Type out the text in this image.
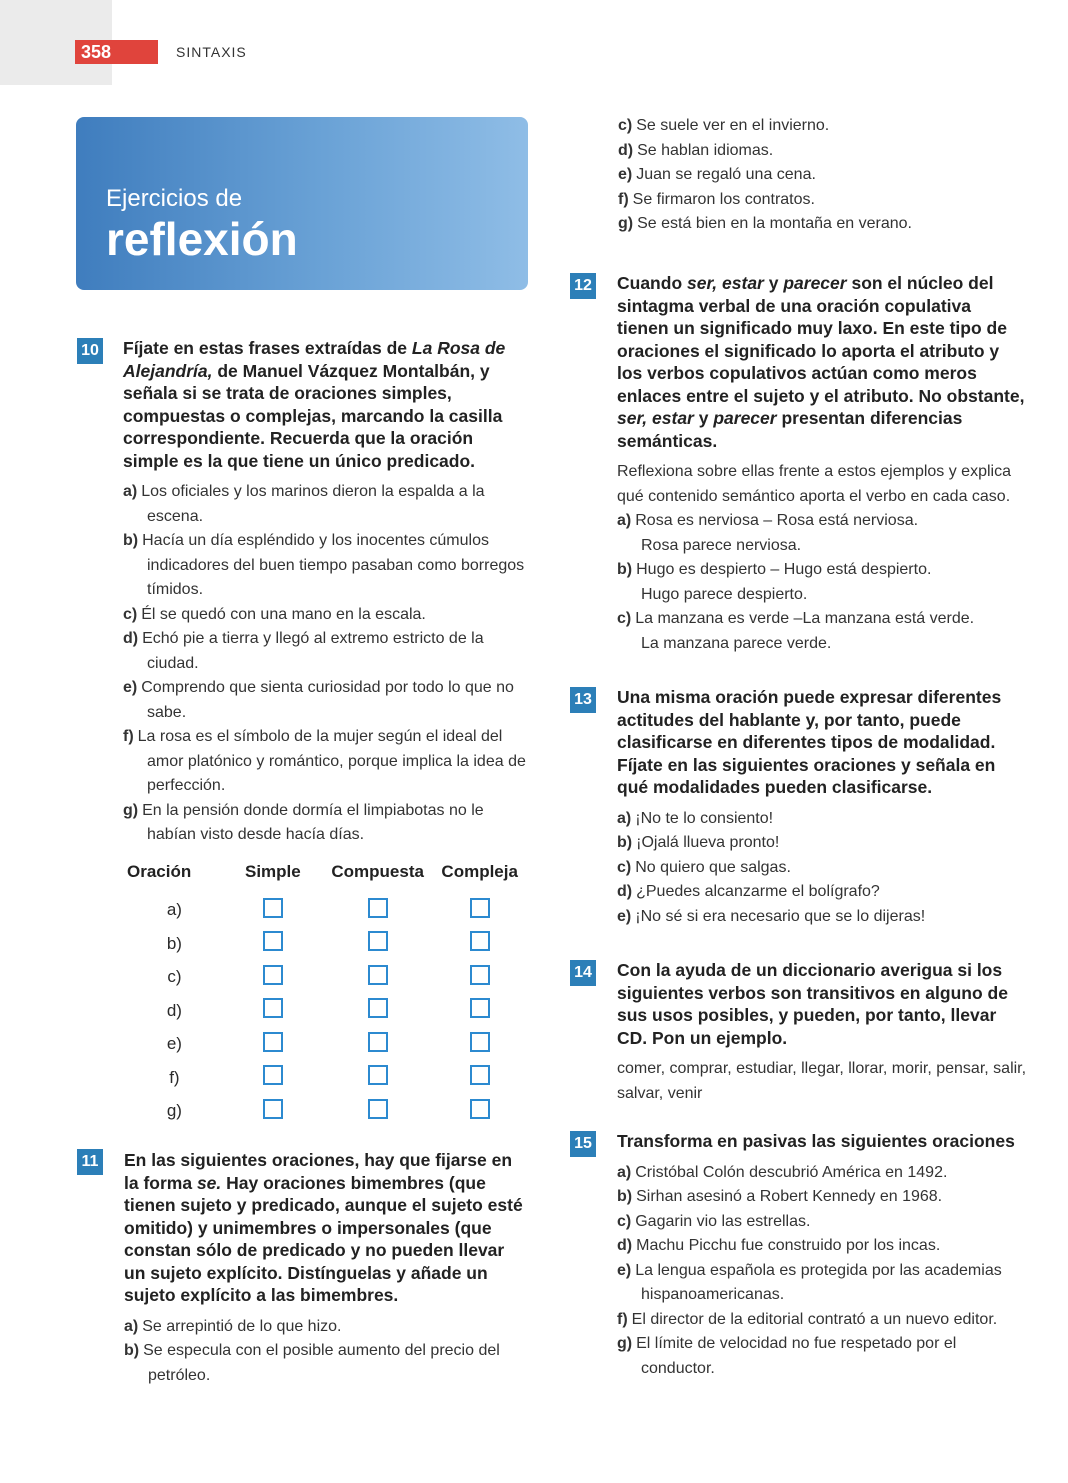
358	SINTAXIS
Ejercicios de
reflexión
10 Fíjate en estas frases extraídas de La Rosa de Alejandría, de Manuel Vázquez Montalbán, y señala si se trata de oraciones simples, compuestas o complejas, marcando la casilla correspondiente. Recuerda que la oración simple es la que tiene un único predicado.
a) Los oficiales y los marinos dieron la espalda a la escena.
b) Hacía un día espléndido y los inocentes cúmulos indicadores del buen tiempo pasaban como borregos tímidos.
c) Él se quedó con una mano en la escala.
d) Echó pie a tierra y llegó al extremo estricto de la ciudad.
e) Comprendo que sienta curiosidad por todo lo que no sabe.
f) La rosa es el símbolo de la mujer según el ideal del amor platónico y romántico, porque implica la idea de perfección.
g) En la pensión donde dormía el limpiabotas no le habían visto desde hacía días.
Oración	Simple	Compuesta	Compleja
a)			
b)			
c)			
d)			
e)			
f)			
g)			
11 En las siguientes oraciones, hay que fijarse en la forma se. Hay oraciones bimembres (que tienen sujeto y predicado, aunque el sujeto esté omitido) y unimembres o impersonales (que constan sólo de predicado y no pueden llevar un sujeto explícito. Distínguelas y añade un sujeto explícito a las bimembres.
a) Se arrepintió de lo que hizo.
b) Se especula con el posible aumento del precio del petróleo.
c) Se suele ver en el invierno.
d) Se hablan idiomas.
e) Juan se regaló una cena.
f) Se firmaron los contratos.
g) Se está bien en la montaña en verano.
12 Cuando ser, estar y parecer son el núcleo del sintagma verbal de una oración copulativa tienen un significado muy laxo. En este tipo de oraciones el significado lo aporta el atributo y los verbos copulativos actúan como meros enlaces entre el sujeto y el atributo. No obstante, ser, estar y parecer presentan diferencias semánticas.
Reflexiona sobre ellas frente a estos ejemplos y explica qué contenido semántico aporta el verbo en cada caso.
a) Rosa es nerviosa – Rosa está nerviosa.
Rosa parece nerviosa.
b) Hugo es despierto – Hugo está despierto.
Hugo parece despierto.
c) La manzana es verde –La manzana está verde.
La manzana parece verde.
13 Una misma oración puede expresar diferentes actitudes del hablante y, por tanto, puede clasificarse en diferentes tipos de modalidad. Fíjate en las siguientes oraciones y señala en qué modalidades pueden clasificarse.
a) ¡No te lo consiento!
b) ¡Ojalá llueva pronto!
c) No quiero que salgas.
d) ¿Puedes alcanzarme el bolígrafo?
e) ¡No sé si era necesario que se lo dijeras!
14 Con la ayuda de un diccionario averigua si los siguientes verbos son transitivos en alguno de sus usos posibles, y pueden, por tanto, llevar CD. Pon un ejemplo.
comer, comprar, estudiar, llegar, llorar, morir, pensar, salir, salvar, venir
15 Transforma en pasivas las siguientes oraciones
a) Cristóbal Colón descubrió América en 1492.
b) Sirhan asesinó a Robert Kennedy en 1968.
c) Gagarin vio las estrellas.
d) Machu Picchu fue construido por los incas.
e) La lengua española es protegida por las academias hispanoamericanas.
f) El director de la editorial contrató a un nuevo editor.
g) El límite de velocidad no fue respetado por el conductor.
